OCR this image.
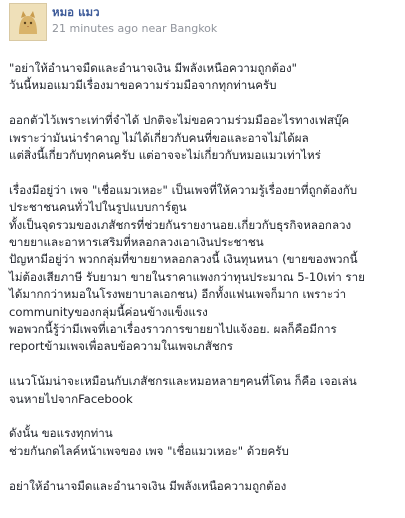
หมอ แมว
21 minutes ago near Bangkok

"อย่าให้อำนาจมืดและอำนาจเงิน มีพลังเหนือความถูกต้อง"
วันนี้หมอแมวมีเรื่องมาขอความร่วมมือจากทุกท่านครับ

ออกตัวไว้เพราะเท่าที่จำได้ ปกติจะไม่ขอความร่วมมืออะไรทางเฟสบุ๊ค
เพราะว่ามันน่ารำคาญ ไม่ได้เกี่ยวกับคนที่ขอและอาจไม่ได้ผล
แต่สิ่งนี้เกี่ยวกับทุกคนครับ แต่อาจจะไม่เกี่ยวกับหมอแมวเท่าไหร่

เรื่องมีอยู่ว่า เพจ "เชื่อแมวเหอะ" เป็นเพจที่ให้ความรู้เรื่องยาที่ถูกต้องกับ
ประชาชนคนทั่วไปในรูปแบบการ์ตูน
ทั้งเป็นจุดรวมของเภสัชกรที่ช่วยกันรายงานอย.เกี่ยวกับธุรกิจหลอกลวง
ขายยาและอาหารเสริมที่หลอกลวงเอาเงินประชาชน
ปัญหามีอยู่ว่า พวกกลุ่มที่ขายยาหลอกลวงนี้ เงินทุนหนา (ขายของพวกนี้
ไม่ต้องเสียภาษี รับยามา ขายในราคาแพงกว่าทุนประมาณ 5-10เท่า ราย
ได้มากกว่าหมอในโรงพยาบาลเอกชน) อีกทั้งแฟนเพจก็มาก เพราะว่า
communityของกลุ่มนี้ค่อนข้างแข็งแรง
พอพวกนี้รู้ว่ามีเพจที่เอาเรื่องราวการขายยาไปแจ้งอย. ผลก็คือมีการ
reportข้ามเพจเพื่อลบข้อความในเพจเภสัชกร

แนวโน้มน่าจะเหมือนกับเภสัชกรและหมอหลายๆคนที่โดน ก็คือ เจอเล่น
จนหายไปจากFacebook

ดังนั้น ขอแรงทุกท่าน
ช่วยกันกดไลค์หน้าเพจของ เพจ "เชื่อแมวเหอะ" ด้วยครับ

อย่าให้อำนาจมืดและอำนาจเงิน มีพลังเหนือความถูกต้อง
